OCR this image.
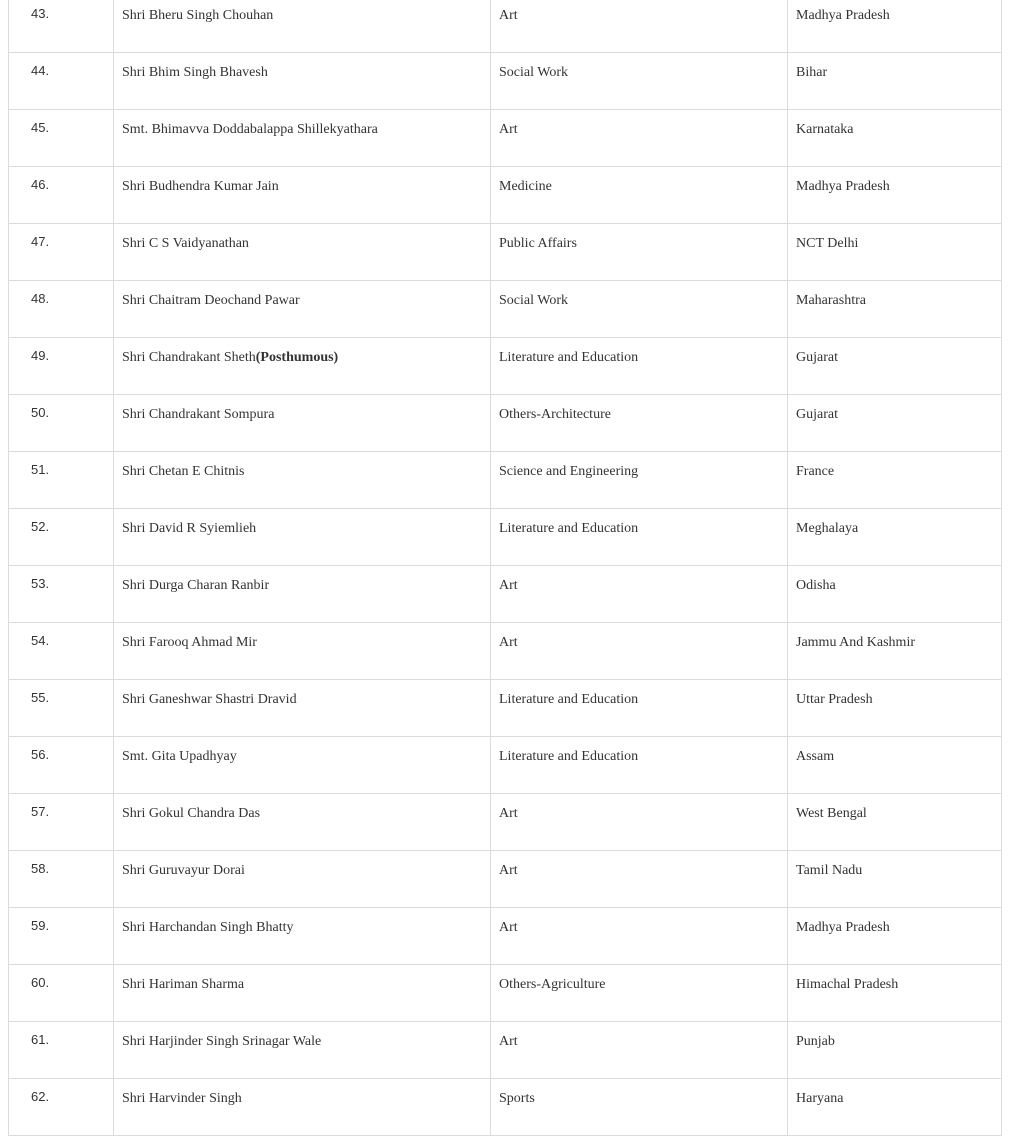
43.	Shri Bheru Singh Chouhan	Art	Madhya Pradesh
44.	Shri Bhim Singh Bhavesh	Social Work	Bihar
45.	Smt. Bhimavva Doddabalappa Shillekyathara	Art	Karnataka
46.	Shri Budhendra Kumar Jain	Medicine	Madhya Pradesh
47.	Shri C S Vaidyanathan	Public Affairs	NCT Delhi
48.	Shri Chaitram Deochand Pawar	Social Work	Maharashtra
49.	Shri Chandrakant Sheth(Posthumous)	Literature and Education	Gujarat
50.	Shri Chandrakant Sompura	Others-Architecture	Gujarat
51.	Shri Chetan E Chitnis	Science and Engineering	France
52.	Shri David R Syiemlieh	Literature and Education	Meghalaya
53.	Shri Durga Charan Ranbir	Art	Odisha
54.	Shri Farooq Ahmad Mir	Art	Jammu And Kashmir
55.	Shri Ganeshwar Shastri Dravid	Literature and Education	Uttar Pradesh
56.	Smt. Gita Upadhyay	Literature and Education	Assam
57.	Shri Gokul Chandra Das	Art	West Bengal
58.	Shri Guruvayur Dorai	Art	Tamil Nadu
59.	Shri Harchandan Singh Bhatty	Art	Madhya Pradesh
60.	Shri Hariman Sharma	Others-Agriculture	Himachal Pradesh
61.	Shri Harjinder Singh Srinagar Wale	Art	Punjab
62.	Shri Harvinder Singh	Sports	Haryana
